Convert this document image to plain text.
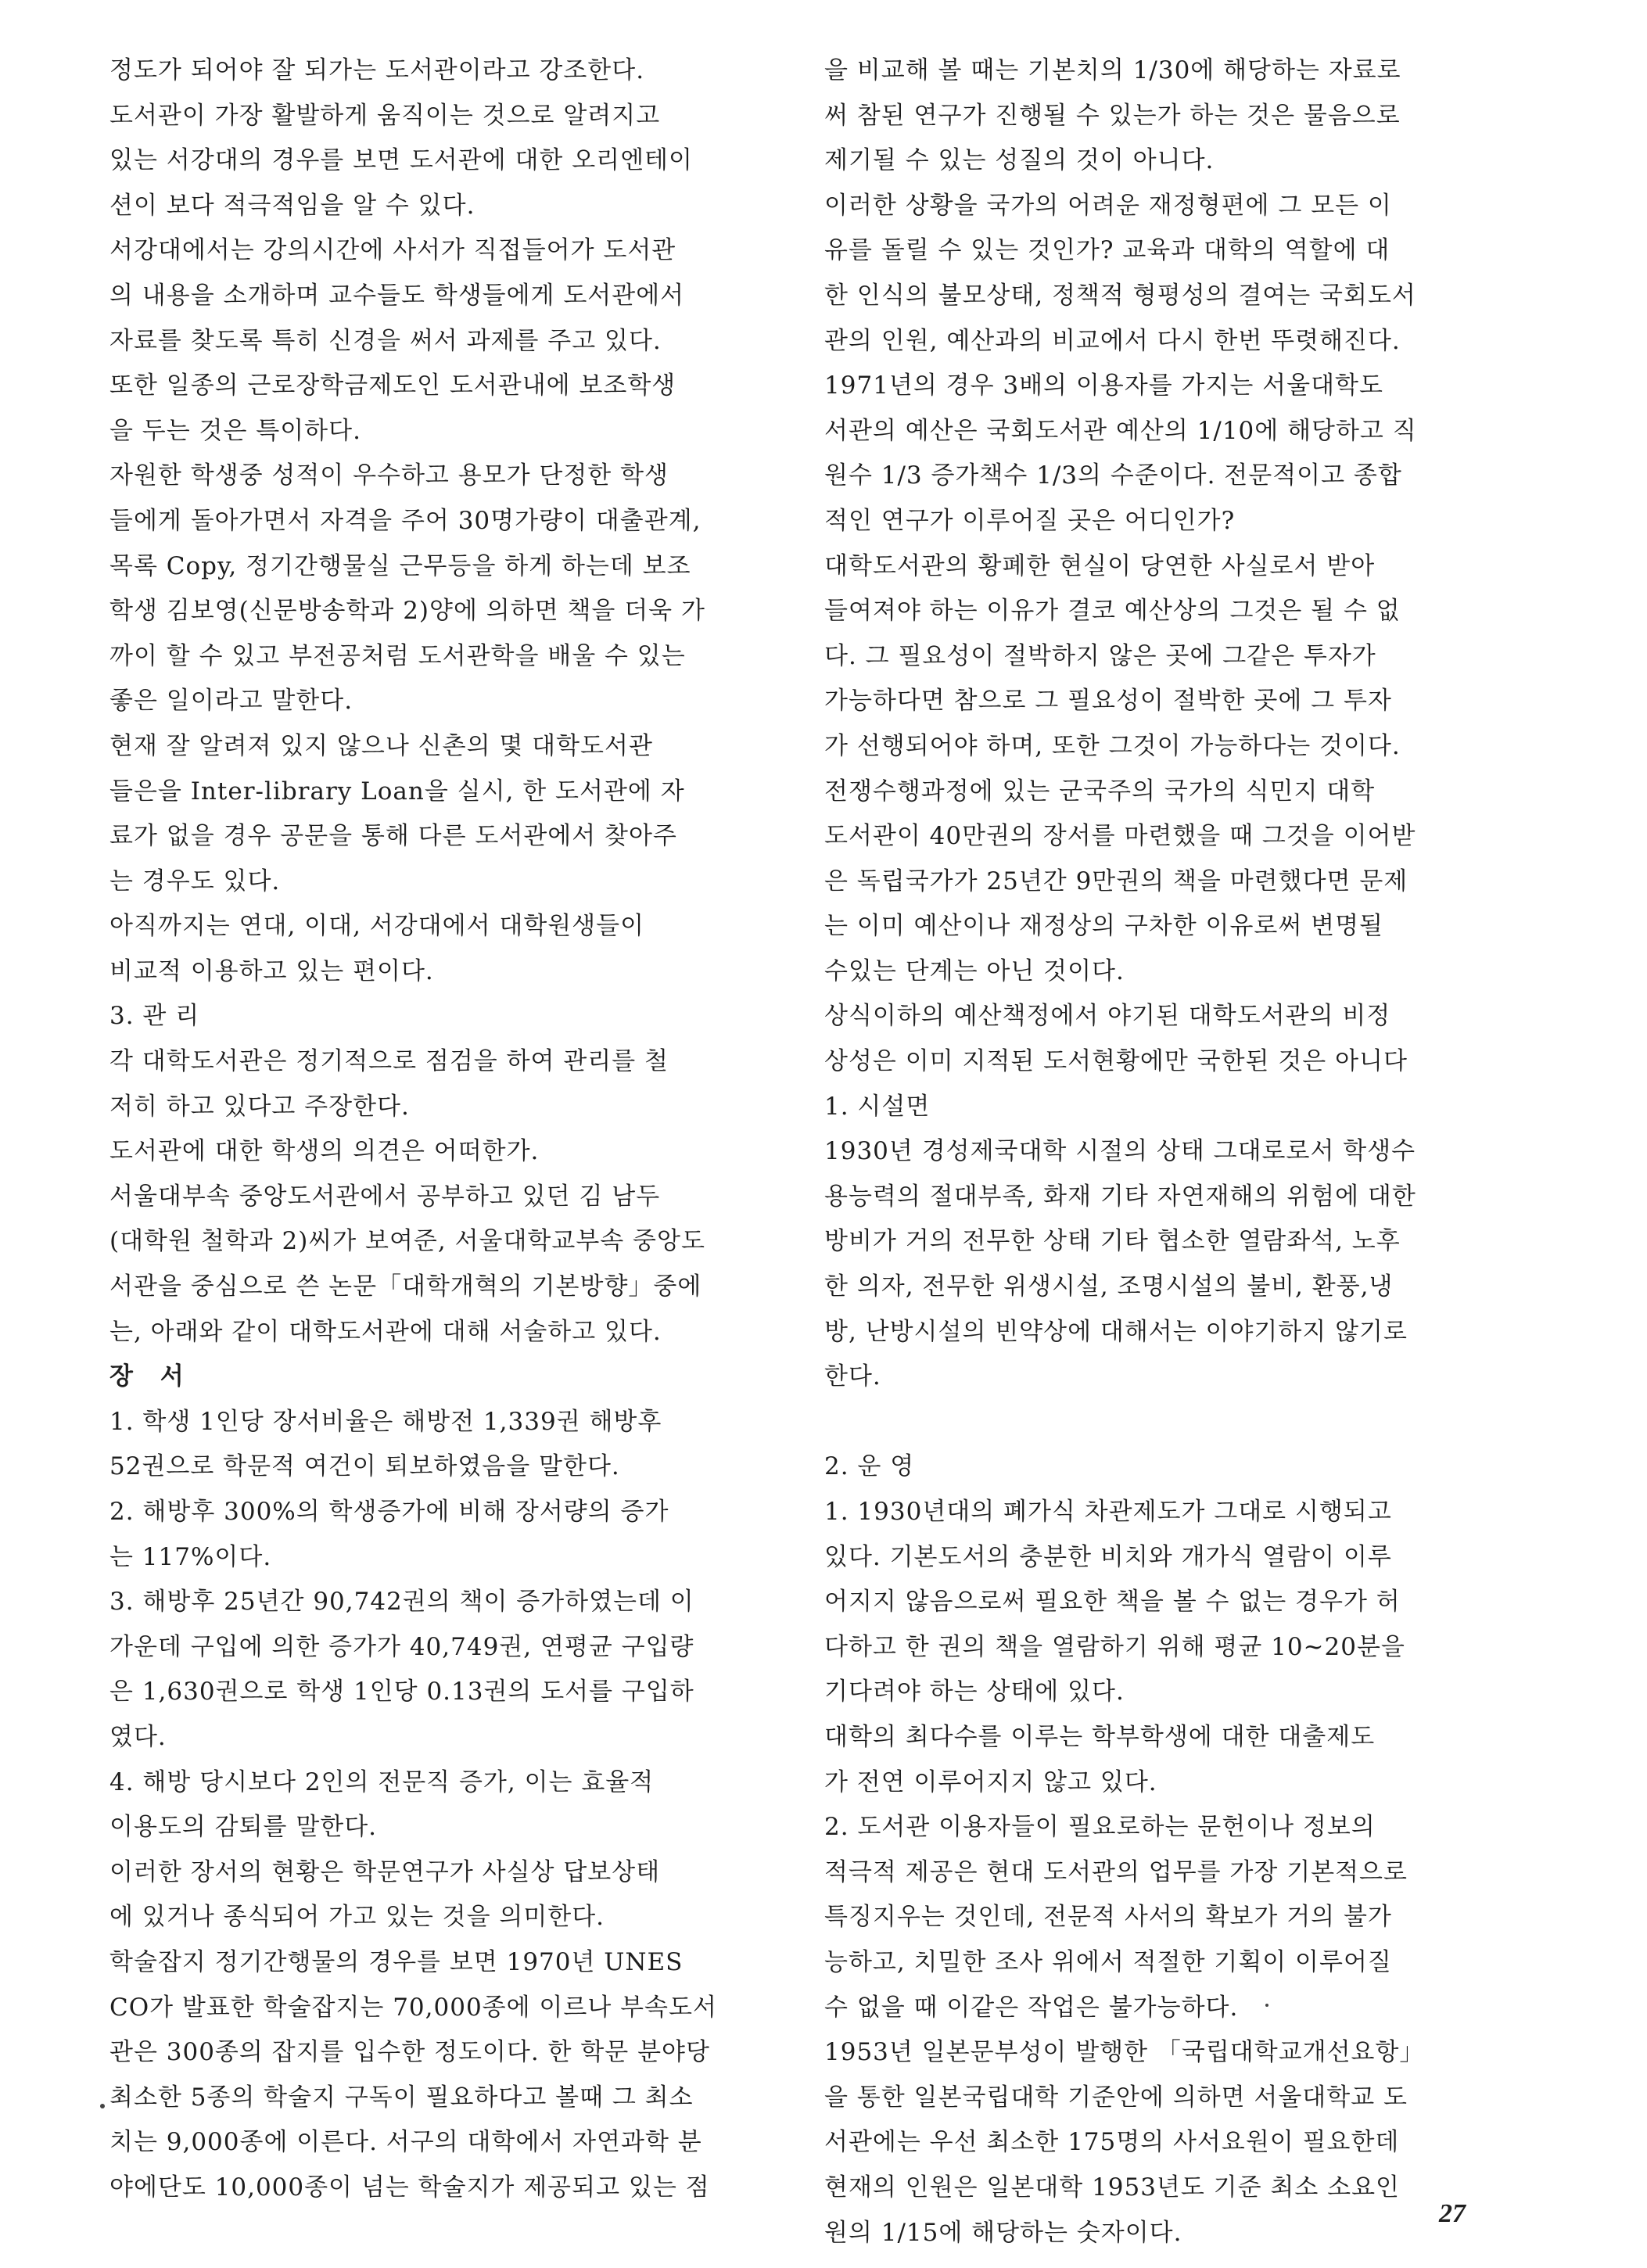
정도가 되어야 잘 되가는 도서관이라고 강조한다.
도서관이 가장 활발하게 움직이는 것으로 알려지고
있는 서강대의 경우를 보면 도서관에 대한 오리엔테이
션이 보다 적극적임을 알 수 있다.
서강대에서는 강의시간에 사서가 직접들어가 도서관
의 내용을 소개하며 교수들도 학생들에게 도서관에서
자료를 찾도록 특히 신경을 써서 과제를 주고 있다.
또한 일종의 근로장학금제도인 도서관내에 보조학생
을 두는 것은 특이하다.
자원한 학생중 성적이 우수하고 용모가 단정한 학생
들에게 돌아가면서 자격을 주어 30명가량이 대출관계,
목록 Copy, 정기간행물실 근무등을 하게 하는데 보조
학생 김보영(신문방송학과 2)양에 의하면 책을 더욱 가
까이 할 수 있고 부전공처럼 도서관학을 배울 수 있는
좋은 일이라고 말한다.
현재 잘 알려져 있지 않으나 신촌의 몇 대학도서관
들은을 Inter-library Loan을 실시, 한 도서관에 자
료가 없을 경우 공문을 통해 다른 도서관에서 찾아주
는 경우도 있다.
아직까지는 연대, 이대, 서강대에서 대학원생들이
비교적 이용하고 있는 편이다.
3. 관 리
각 대학도서관은 정기적으로 점검을 하여 관리를 철
저히 하고 있다고 주장한다.
도서관에 대한 학생의 의견은 어떠한가.
서울대부속 중앙도서관에서 공부하고 있던 김 남두
(대학원 철학과 2)씨가 보여준, 서울대학교부속 중앙도
서관을 중심으로 쓴 논문「대학개혁의 기본방향」중에
는, 아래와 같이 대학도서관에 대해 서술하고 있다.
장 서
1. 학생 1인당 장서비율은 해방전 1,339권 해방후
52권으로 학문적 여건이 퇴보하였음을 말한다.
2. 해방후 300%의 학생증가에 비해 장서량의 증가
는 117%이다.
3. 해방후 25년간 90,742권의 책이 증가하였는데 이
가운데 구입에 의한 증가가 40,749권, 연평균 구입량
은 1,630권으로 학생 1인당 0.13권의 도서를 구입하
였다.
4. 해방 당시보다 2인의 전문직 증가, 이는 효율적
이용도의 감퇴를 말한다.
이러한 장서의 현황은 학문연구가 사실상 답보상태
에 있거나 종식되어 가고 있는 것을 의미한다.
학술잡지 정기간행물의 경우를 보면 1970년 UNES
CO가 발표한 학술잡지는 70,000종에 이르나 부속도서
관은 300종의 잡지를 입수한 정도이다. 한 학문 분야당
최소한 5종의 학술지 구독이 필요하다고 볼때 그 최소
치는 9,000종에 이른다. 서구의 대학에서 자연과학 분
야에단도 10,000종이 넘는 학술지가 제공되고 있는 점
을 비교해 볼 때는 기본치의 1/30에 해당하는 자료로
써 참된 연구가 진행될 수 있는가 하는 것은 물음으로
제기될 수 있는 성질의 것이 아니다.
이러한 상황을 국가의 어려운 재정형편에 그 모든 이
유를 돌릴 수 있는 것인가? 교육과 대학의 역할에 대
한 인식의 불모상태, 정책적 형평성의 결여는 국회도서
관의 인원, 예산과의 비교에서 다시 한번 뚜렷해진다.
1971년의 경우 3배의 이용자를 가지는 서울대학도
서관의 예산은 국회도서관 예산의 1/10에 해당하고 직
원수 1/3 증가책수 1/3의 수준이다. 전문적이고 종합
적인 연구가 이루어질 곳은 어디인가?
대학도서관의 황폐한 현실이 당연한 사실로서 받아
들여져야 하는 이유가 결코 예산상의 그것은 될 수 없
다. 그 필요성이 절박하지 않은 곳에 그같은 투자가
가능하다면 참으로 그 필요성이 절박한 곳에 그 투자
가 선행되어야 하며, 또한 그것이 가능하다는 것이다.
전쟁수행과정에 있는 군국주의 국가의 식민지 대학
도서관이 40만권의 장서를 마련했을 때 그것을 이어받
은 독립국가가 25년간 9만권의 책을 마련했다면 문제
는 이미 예산이나 재정상의 구차한 이유로써 변명될
수있는 단계는 아닌 것이다.
상식이하의 예산책정에서 야기된 대학도서관의 비정
상성은 이미 지적된 도서현황에만 국한된 것은 아니다
1. 시설면
1930년 경성제국대학 시절의 상태 그대로로서 학생수
용능력의 절대부족, 화재 기타 자연재해의 위험에 대한
방비가 거의 전무한 상태 기타 협소한 열람좌석, 노후
한 의자, 전무한 위생시설, 조명시설의 불비, 환풍,냉
방, 난방시설의 빈약상에 대해서는 이야기하지 않기로
한다.
2. 운 영
1. 1930년대의 폐가식 차관제도가 그대로 시행되고
있다. 기본도서의 충분한 비치와 개가식 열람이 이루
어지지 않음으로써 필요한 책을 볼 수 없는 경우가 허
다하고 한 권의 책을 열람하기 위해 평균 10~20분을
기다려야 하는 상태에 있다.
대학의 최다수를 이루는 학부학생에 대한 대출제도
가 전연 이루어지지 않고 있다.
2. 도서관 이용자들이 필요로하는 문헌이나 정보의
적극적 제공은 현대 도서관의 업무를 가장 기본적으로
특징지우는 것인데, 전문적 사서의 확보가 거의 불가
능하고, 치밀한 조사 위에서 적절한 기획이 이루어질
수 없을 때 이같은 작업은 불가능하다.
1953년 일본문부성이 발행한 「국립대학교개선요항」
을 통한 일본국립대학 기준안에 의하면 서울대학교 도
서관에는 우선 최소한 175명의 사서요원이 필요한데
현재의 인원은 일본대학 1953년도 기준 최소 소요인
원의 1/15에 해당하는 숫자이다.
27
